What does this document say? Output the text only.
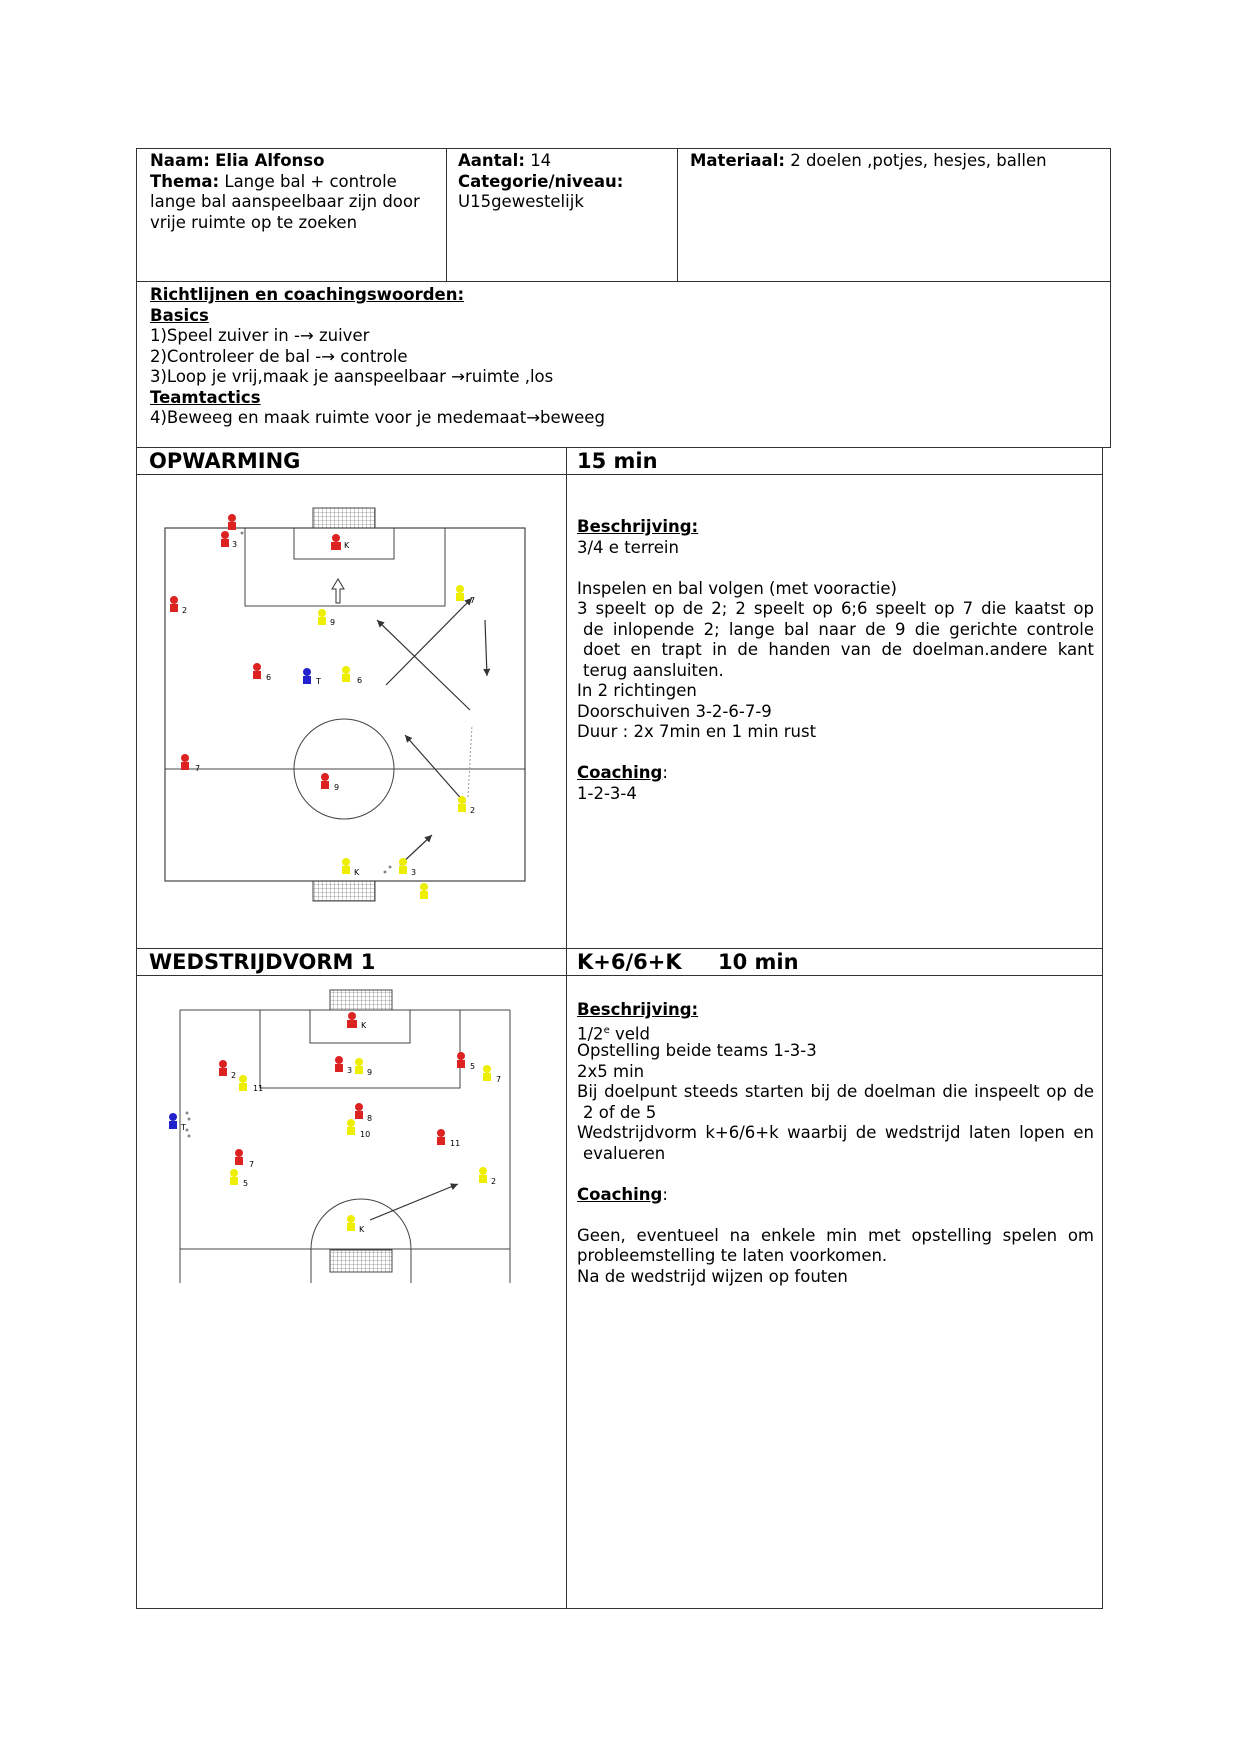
Naam: Elia Alfonso
Thema: Lange bal + controle
lange bal aanspeelbaar zijn door
vrije ruimte op te zoeken
Aantal: 14
Categorie/niveau:
U15gewestelijk
Materiaal: 2 doelen ,potjes, hesjes, ballen
Richtlijnen en coachingswoorden:
Basics
1)Speel zuiver in -→ zuiver
2)Controleer de bal -→ controle
3)Loop je vrij,maak je aanspeelbaar →ruimte ,los
Teamtactics
4)Beweeg en maak ruimte voor je medemaat→beweeg
OPWARMING	15 min
Beschrijving:
3/4 e terrein
Inspelen en bal volgen (met vooractie)
3 speelt op de 2; 2 speelt op 6;6 speelt op 7 die kaatst op
de inlopende 2; lange bal naar de 9 die gerichte controle
doet en trapt in de handen van de doelman.andere kant
terug aansluiten.
In 2 richtingen
Doorschuiven 3-2-6-7-9
Duur : 2x 7min en 1 min rust
Coaching:
1-2-3-4
3	K
2
7
9
6	T	6
7
9
2
K	3
WEDSTRIJDVORM 1	K+6/6+K 10 min
Beschrijving:
1/2e veld
Opstelling beide teams 1-3-3
2x5 min
Bij doelpunt steeds starten bij de doelman die inspeelt op de
2 of de 5
Wedstrijdvorm k+6/6+k waarbij de wedstrijd laten lopen en
evalueren
Coaching:
Geen, eventueel na enkele min met opstelling spelen om
probleemstelling te laten voorkomen.
Na de wedstrijd wijzen op fouten
K
2
11
3 9
5
7
T
8
10
11
2
7
5
K
